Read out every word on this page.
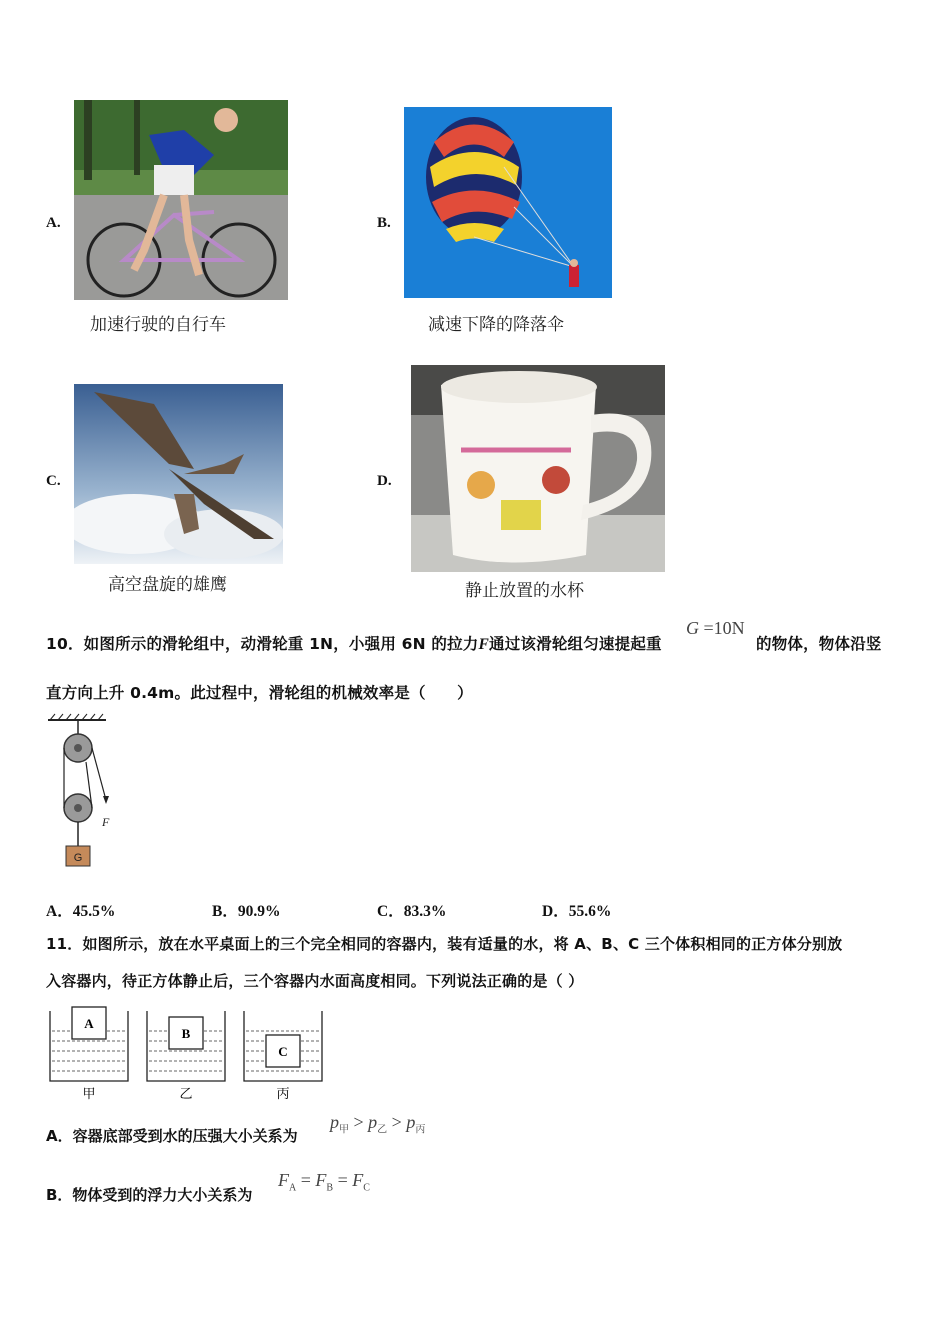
A.
加速行驶的自行车
B.
减速下降的降落伞
C.
高空盘旋的雄鹰
D.
静止放置的水杯
10．如图所示的滑轮组中，动滑轮重 1N，小强用 6N 的拉力F通过该滑轮组匀速提起重
G =10N
的物体，物体沿竖
直方向上升 0.4m。此过程中，滑轮组的机械效率是（　　）
G
F
A．45.5%	B．90.9%	C．83.3%	D．55.6%
11．如图所示，放在水平桌面上的三个完全相同的容器内，装有适量的水，将 A、B、C 三个体积相同的正方体分别放
入容器内，待正方体静止后，三个容器内水面高度相同。下列说法正确的是（ ）
A
B
C
甲	乙	丙
A．容器底部受到水的压强大小关系为
$p_甲 > p_乙 > p_丙$
B．物体受到的浮力大小关系为
$F_A = F_B = F_C$
